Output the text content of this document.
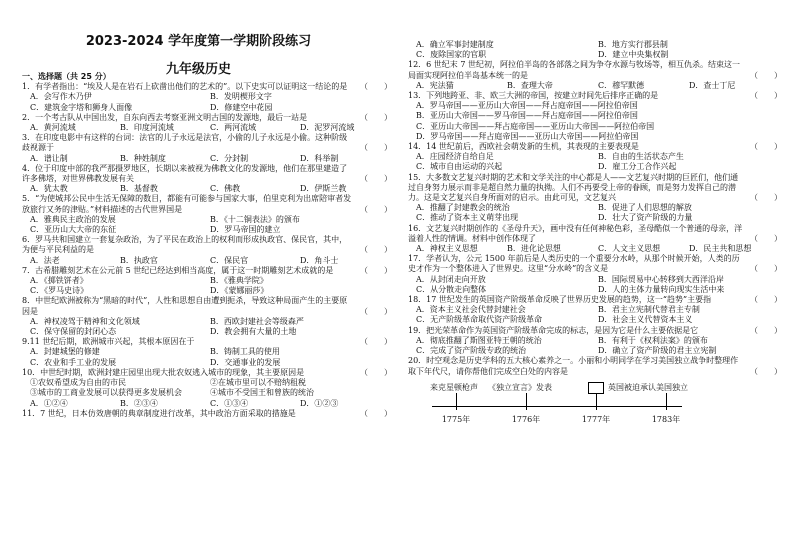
2023-2024 学年度第一学期阶段练习
九年级历史
一、选择题（共 25 分）
1．有学者指出：“埃及人是在岩石上砍凿出他们的艺术的”。以下史实可以证明这一结论的是	（　　）
A．会写作木乃伊	B．发明楔形文字
C．建筑金字塔和狮身人面像	D．修建空中花园
2．一个考古队从中国出发，自东向西去考察亚洲文明古国的发源地，最后一站是	（　　）
A．黄河流域	B．印度河流域	C．两河流域	D．泥罗河流域
3．在印度电影中有这样的台词：法官的儿子永远是法官，小偷的儿子永远是小偷。这种阶级歧视源于	（　　）
A．谱让制	B．种姓制度	C．分封制	D．科举制
4．位于印度中部的我严那摄罗地区，长期以来被视为佛教文化的发源地，他们在那里建造了许多佛塔，对世界佛教发展有关	（　　）
A．犹太教	B．基督教	C．佛教	D．伊斯兰教
5．“为使城邦公民中生活无保障的数目，都能有可能参与国家大事，伯里克利为出席陪审者发放旅行又务的津贴。”材料描述的古代世界国是	（　　）
A．雅典民主政治的发展	B．《十二铜表法》的颁布
C．亚历山大大帝的东征	D．罗马帝国的建立
6．罗马共和国建立一套复杂政治，为了平民在政治上的权利而形成执政官、保民官，其中，为便与平民利益的是	（　　）
A．法老	B．执政官	C．保民官	D．角斗士
7．古希腊雕刻艺术在公元前 5 世纪已经达到相当高度，属于这一时期雕刻艺术成就的是	（　　）
A．《掷铁饼者》	B．《雅典学院》
C．《罗马史诗》	D．《蒙娜丽莎》
8．中世纪欧洲被称为“黑暗的时代”，人性和思想自由遭到扼杀，导致这种局面产生的主要原因是	（　　）
A．神权凌驾于精神和文化领域	B．西欧封建社会等级森严
C．保守保留的封闭心态	D．教会拥有大量的土地
9.11 世纪后期，欧洲城市兴起，其根本原因在于	（　　）
A．封建城堡的修建	B．铸制工具的使用
C．农业和手工业的发展	D．交通事业的发展
10．中世纪时期，欧洲封建庄园里出现大批农奴逃入城市的现象，其主要原因是	（　　）
①农奴希望成为自由的市民	②在城市里可以不赔纳租税
③城市的工商业发展可以获得更多发展机会	④城市不受国王和曾族的统治
A．①②④	B．②③④	C．①③④	D．①②③
11．7 世纪，日本仿效唐朝的典章制度进行改革，其中政治方面采取的措施是	（　　）
A．确立军事封建制度	B．地方实行郡县制
C．废除国家的官职	D．建立中央集权制
12．6 世纪末 7 世纪初，阿拉伯半岛的各部落之间为争夺水源与牧场等，相互仇杀。结束这一局面实现阿拉伯半岛基本统一的是	（　　）
A．宪法猫	B．查理大帝	C．穆罕默德	D．查士丁尼
13．下列地跨亚、非、欧三大洲的帝国，按建立时间先后排序正确的是	（　　）
A．罗马帝国——亚历山大帝国——拜占庭帝国——阿拉伯帝国
B．亚历山大帝国——罗马帝国——拜占庭帝国——阿拉伯帝国
C．亚历山大帝国——拜占庭帝国——亚历山大帝国——阿拉伯帝国
D．罗马帝国——拜占庭帝国——亚历山大帝国——阿拉伯帝国
14．14 世纪前后，西欧社会萌发新的生机，其表现的主要表现是	（　　）
A．庄园经济自给自足	B．自由的生活状态产生
C．城市自由运动的兴起	D．雇工分工合作兴起
15．大多数文艺复兴时期的艺术和文学关注的中心都是人——文艺复兴时期的巨匠们，他们通过自身努力展示而非是超自然力量的执拗。人们不再要受上帝的眷顾，而是努力发挥自己的潜力。这是文艺复兴自身所面对的启示。由此可见，文艺复兴	（　　）
A．推翻了封建教会的统治	B．促进了人们思想的解放
C．推动了资本主义萌芽出现	D．壮大了资产阶级的力量
16．文艺复兴时期创作的《圣母升天》，画中没有任何神秘色彩，圣母酷似一个普通的母亲，洋溢着人性的情调。材料中创作体现了	（　　）
A．神权主义思想	B．进化论思想	C．人文主义思想	D．民主共和思想
17．学者认为，公元 1500 年前后是人类历史的一个重要分水岭，从那个时候开始，人类的历史才作为一个整体进入了世界史。这里“分水岭”的含义是	（　　）
A．从封闭走向开放	B．国际贸易中心转移到大西洋沿岸
C．从分散走向整体	D．人的主体力量转向现实生活中来
18．17 世纪发生的英国资产阶级革命反映了世界历史发展的趋势，这一“趋势”主要指	（　　）
A．资本主义社会代替封建社会	B．君主立宪制代替君主专制
C．无产阶级革命取代资产阶级革命	D．社会主义代替资本主义
19．把光荣革命作为英国资产阶级革命完成的标志，是因为它是什么主要依据是它	（　　）
A．彻底推翻了斯图亚特王朝的统治	B．有利于《权利法案》的颁布
C．完成了资产阶级专政的统治	D．确立了资产阶级的君主立宪制
20．时空观念是历史学科的五大核心素养之一。小丽和小明同学在学习美国独立战争时整理作取下年代尺，请你帮他们完成空白处的内容是	（　　）
1775年	1776年	1777年	1783年
来克星顿枪声 《独立宣言》发表	英国被迫承认美国独立
